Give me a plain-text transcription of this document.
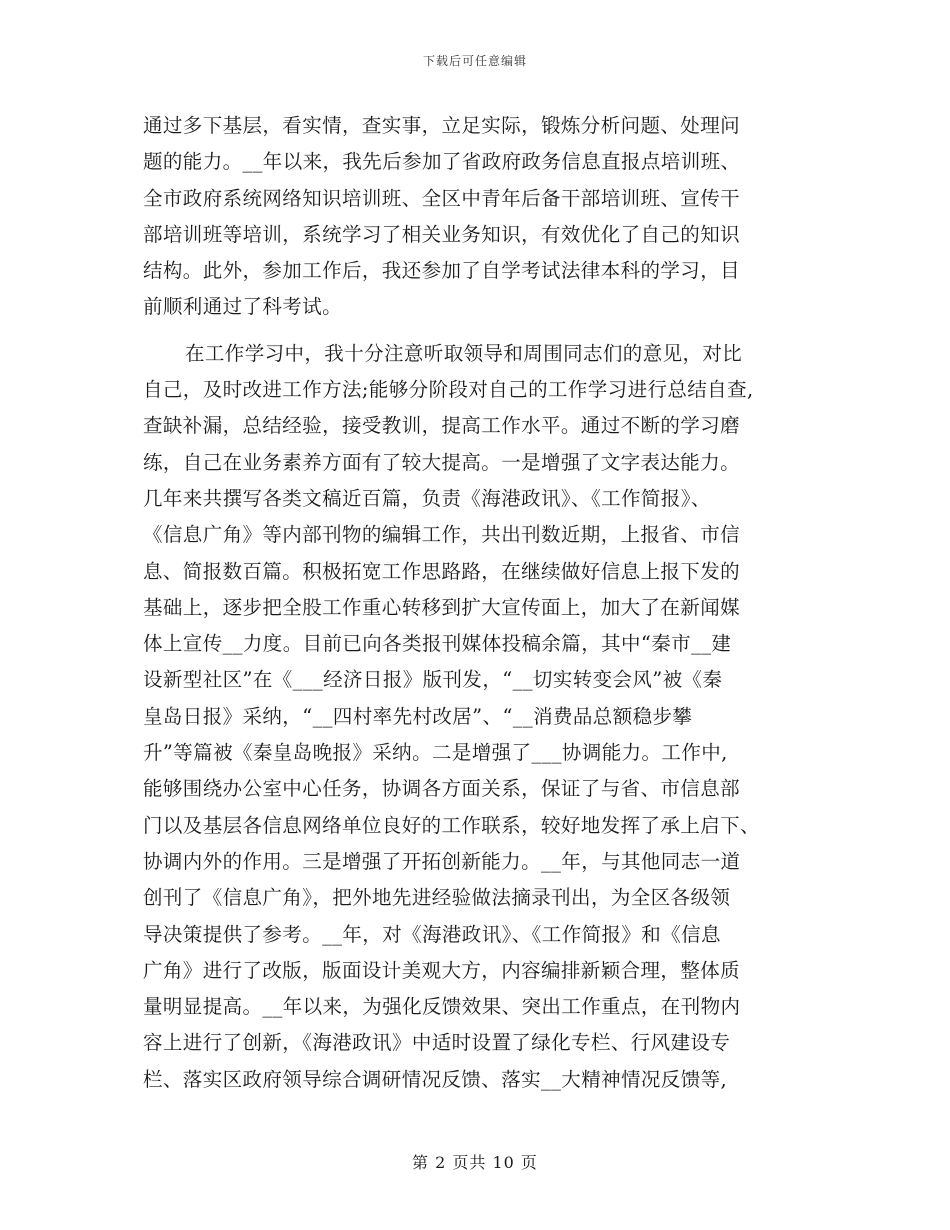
下载后可任意编辑
通过多下基层，看实情，查实事，立足实际，锻炼分析问题、处理问
题的能力。__年以来，我先后参加了省政府政务信息直报点培训班、
全市政府系统网络知识培训班、全区中青年后备干部培训班、宣传干
部培训班等培训，系统学习了相关业务知识，有效优化了自己的知识
结构。此外，参加工作后，我还参加了自学考试法律本科的学习，目
前顺利通过了科考试。
在工作学习中，我十分注意听取领导和周围同志们的意见，对比
自己，及时改进工作方法;能够分阶段对自己的工作学习进行总结自查,
查缺补漏，总结经验，接受教训，提高工作水平。通过不断的学习磨
练，自己在业务素养方面有了较大提高。一是增强了文字表达能力。
几年来共撰写各类文稿近百篇，负责《海港政讯》、《工作简报》、
《信息广角》等内部刊物的编辑工作，共出刊数近期，上报省、市信
息、简报数百篇。积极拓宽工作思路路，在继续做好信息上报下发的
基础上，逐步把全股工作重心转移到扩大宣传面上，加大了在新闻媒
体上宣传__力度。目前已向各类报刊媒体投稿余篇，其中“秦市__建
设新型社区”在《___经济日报》版刊发，“__切实转变会风”被《秦
皇岛日报》采纳，“__四村率先村改居”、“__消费品总额稳步攀
升”等篇被《秦皇岛晚报》采纳。二是增强了___协调能力。工作中,
能够围绕办公室中心任务，协调各方面关系，保证了与省、市信息部
门以及基层各信息网络单位良好的工作联系，较好地发挥了承上启下、
协调内外的作用。三是增强了开拓创新能力。__年，与其他同志一道
创刊了《信息广角》，把外地先进经验做法摘录刊出，为全区各级领
导决策提供了参考。__年，对《海港政讯》、《工作简报》和《信息
广角》进行了改版，版面设计美观大方，内容编排新颖合理，整体质
量明显提高。__年以来，为强化反馈效果、突出工作重点，在刊物内
容上进行了创新，《海港政讯》中适时设置了绿化专栏、行风建设专
栏、落实区政府领导综合调研情况反馈、落实__大精神情况反馈等,
第 2 页共 10 页
